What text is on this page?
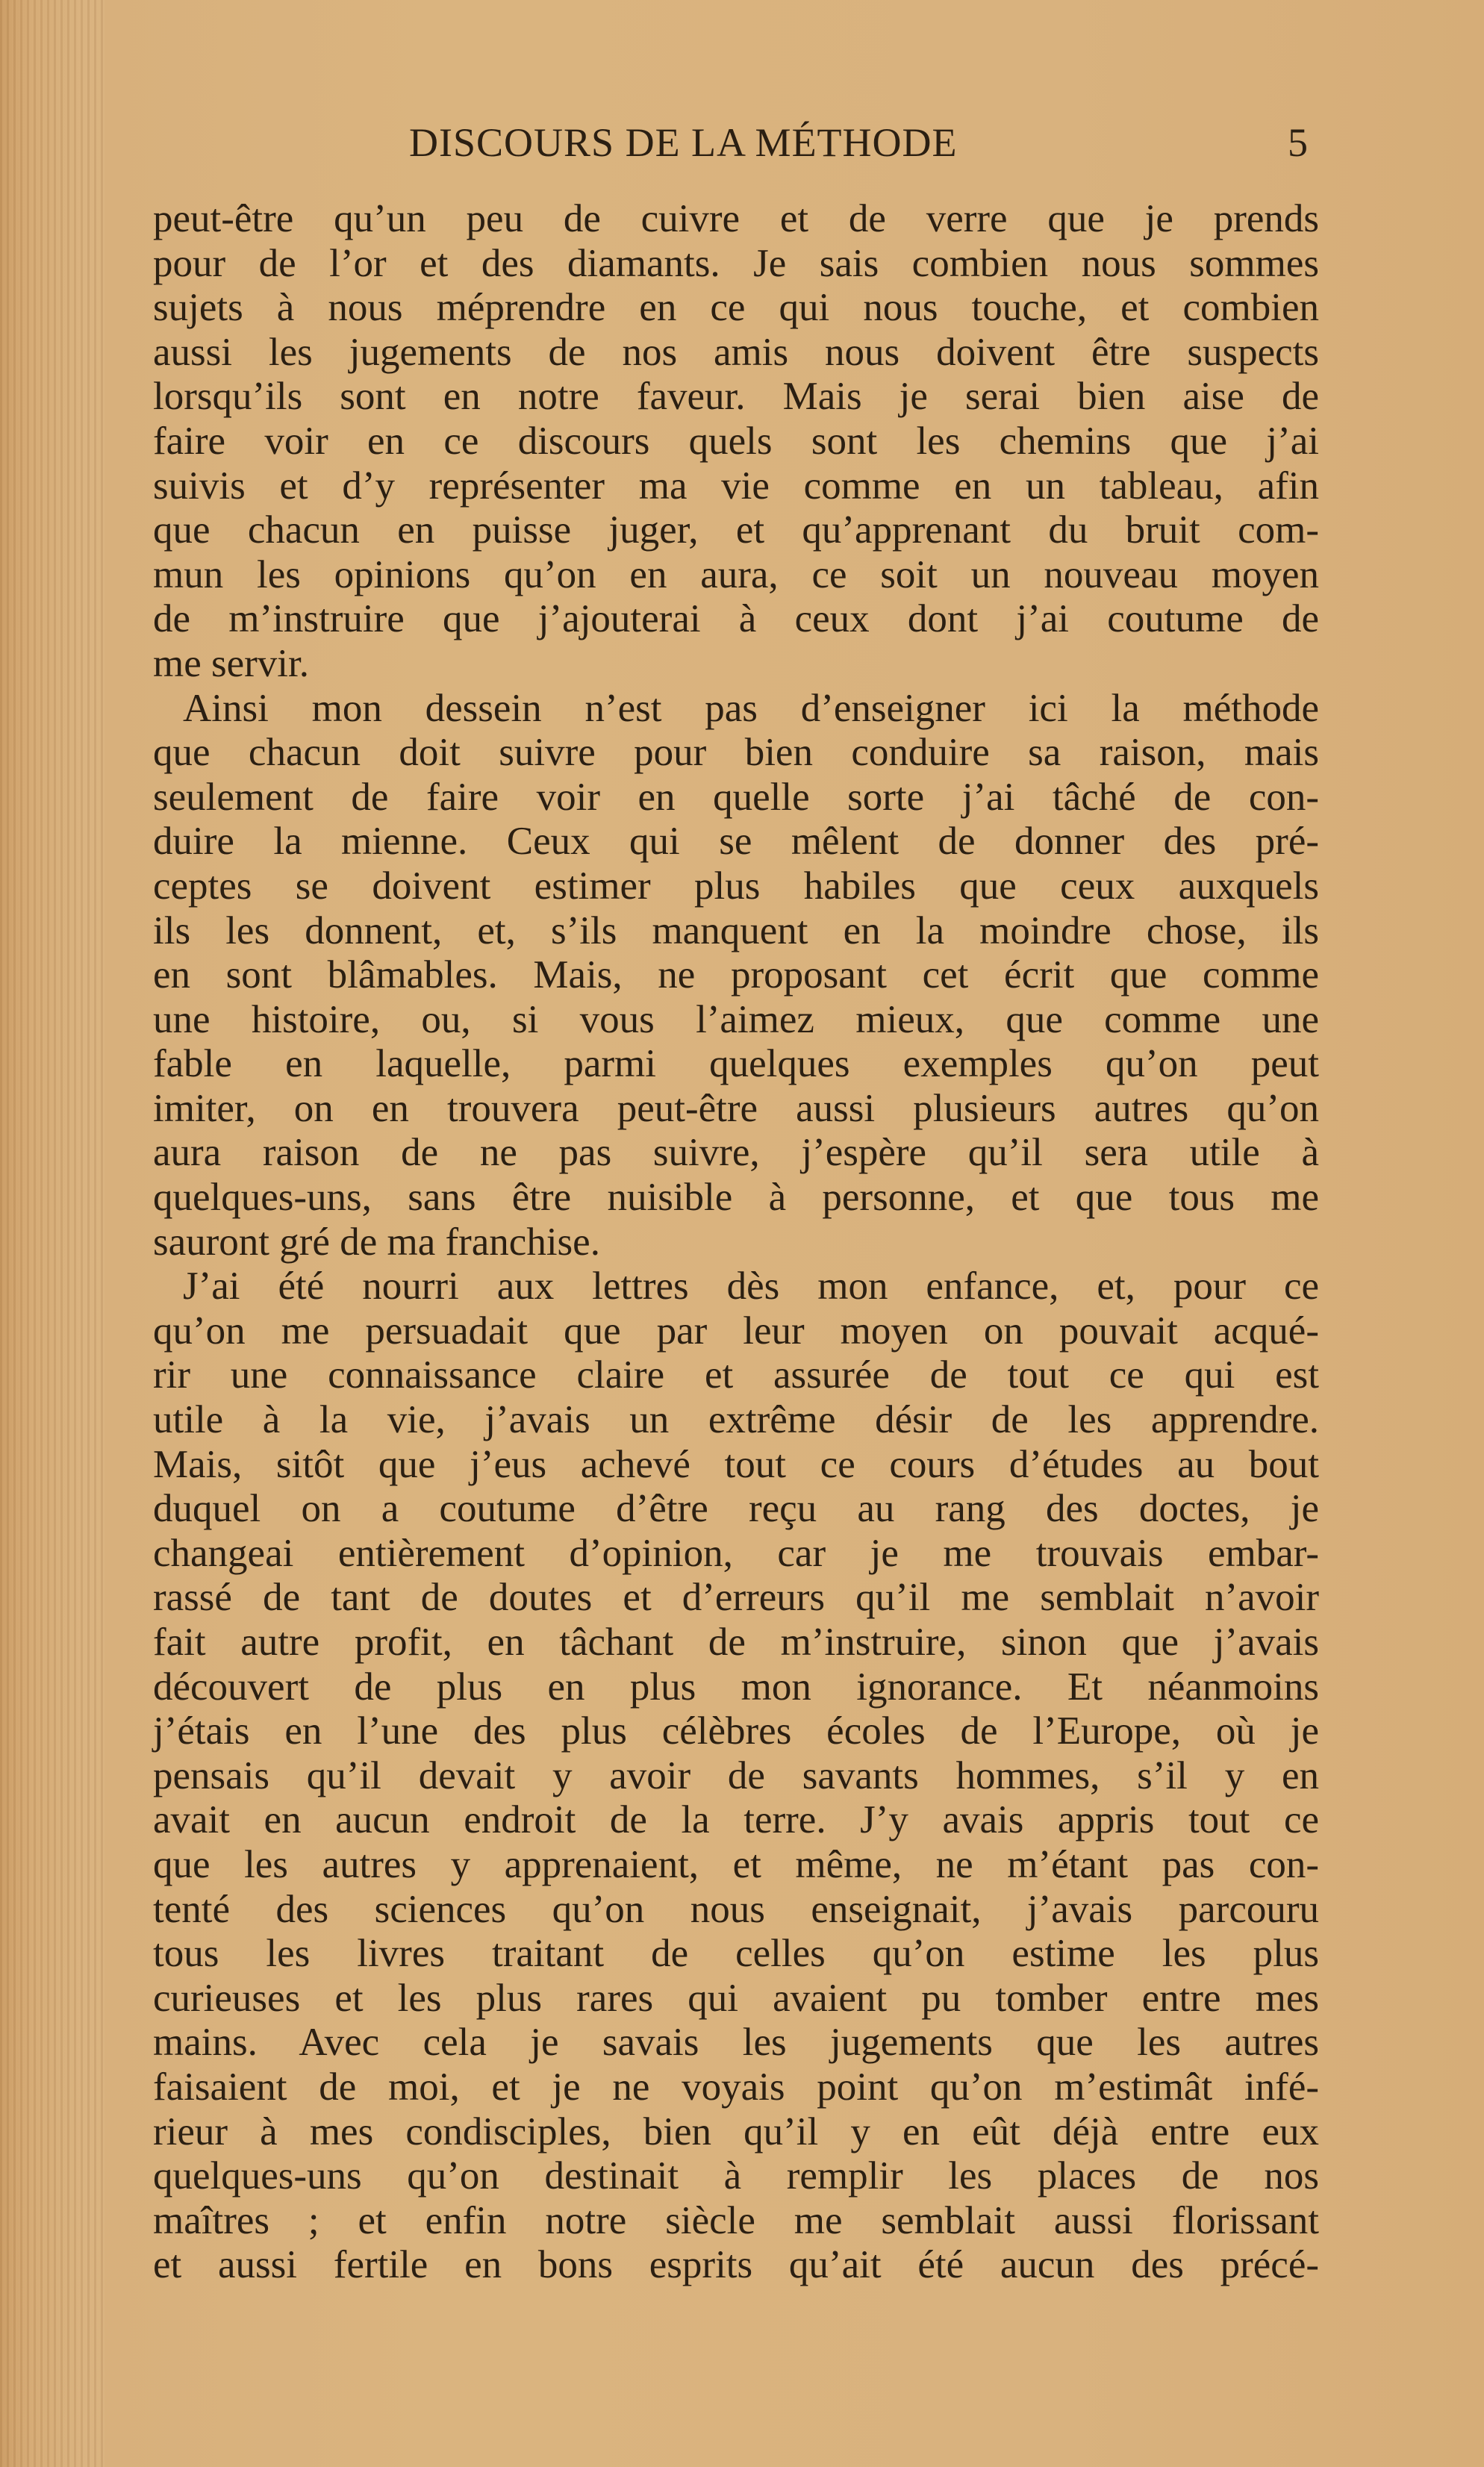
DISCOURS DE LA MÉTHODE	5
peut-être qu’un peu de cuivre et de verre que je prends
pour de l’or et des diamants. Je sais combien nous sommes
sujets à nous méprendre en ce qui nous touche, et combien
aussi les jugements de nos amis nous doivent être suspects
lorsqu’ils sont en notre faveur. Mais je serai bien aise de
faire voir en ce discours quels sont les chemins que j’ai
suivis et d’y représenter ma vie comme en un tableau, afin
que chacun en puisse juger, et qu’apprenant du bruit com-
mun les opinions qu’on en aura, ce soit un nouveau moyen
de m’instruire que j’ajouterai à ceux dont j’ai coutume de
me servir.
Ainsi mon dessein n’est pas d’enseigner ici la méthode
que chacun doit suivre pour bien conduire sa raison, mais
seulement de faire voir en quelle sorte j’ai tâché de con-
duire la mienne. Ceux qui se mêlent de donner des pré-
ceptes se doivent estimer plus habiles que ceux auxquels
ils les donnent, et, s’ils manquent en la moindre chose, ils
en sont blâmables. Mais, ne proposant cet écrit que comme
une histoire, ou, si vous l’aimez mieux, que comme une
fable en laquelle, parmi quelques exemples qu’on peut
imiter, on en trouvera peut-être aussi plusieurs autres qu’on
aura raison de ne pas suivre, j’espère qu’il sera utile à
quelques-uns, sans être nuisible à personne, et que tous me
sauront gré de ma franchise.
J’ai été nourri aux lettres dès mon enfance, et, pour ce
qu’on me persuadait que par leur moyen on pouvait acqué-
rir une connaissance claire et assurée de tout ce qui est
utile à la vie, j’avais un extrême désir de les apprendre.
Mais, sitôt que j’eus achevé tout ce cours d’études au bout
duquel on a coutume d’être reçu au rang des doctes, je
changeai entièrement d’opinion, car je me trouvais embar-
rassé de tant de doutes et d’erreurs qu’il me semblait n’avoir
fait autre profit, en tâchant de m’instruire, sinon que j’avais
découvert de plus en plus mon ignorance. Et néanmoins
j’étais en l’une des plus célèbres écoles de l’Europe, où je
pensais qu’il devait y avoir de savants hommes, s’il y en
avait en aucun endroit de la terre. J’y avais appris tout ce
que les autres y apprenaient, et même, ne m’étant pas con-
tenté des sciences qu’on nous enseignait, j’avais parcouru
tous les livres traitant de celles qu’on estime les plus
curieuses et les plus rares qui avaient pu tomber entre mes
mains. Avec cela je savais les jugements que les autres
faisaient de moi, et je ne voyais point qu’on m’estimât infé-
rieur à mes condisciples, bien qu’il y en eût déjà entre eux
quelques-uns qu’on destinait à remplir les places de nos
maîtres ; et enfin notre siècle me semblait aussi florissant
et aussi fertile en bons esprits qu’ait été aucun des précé-
